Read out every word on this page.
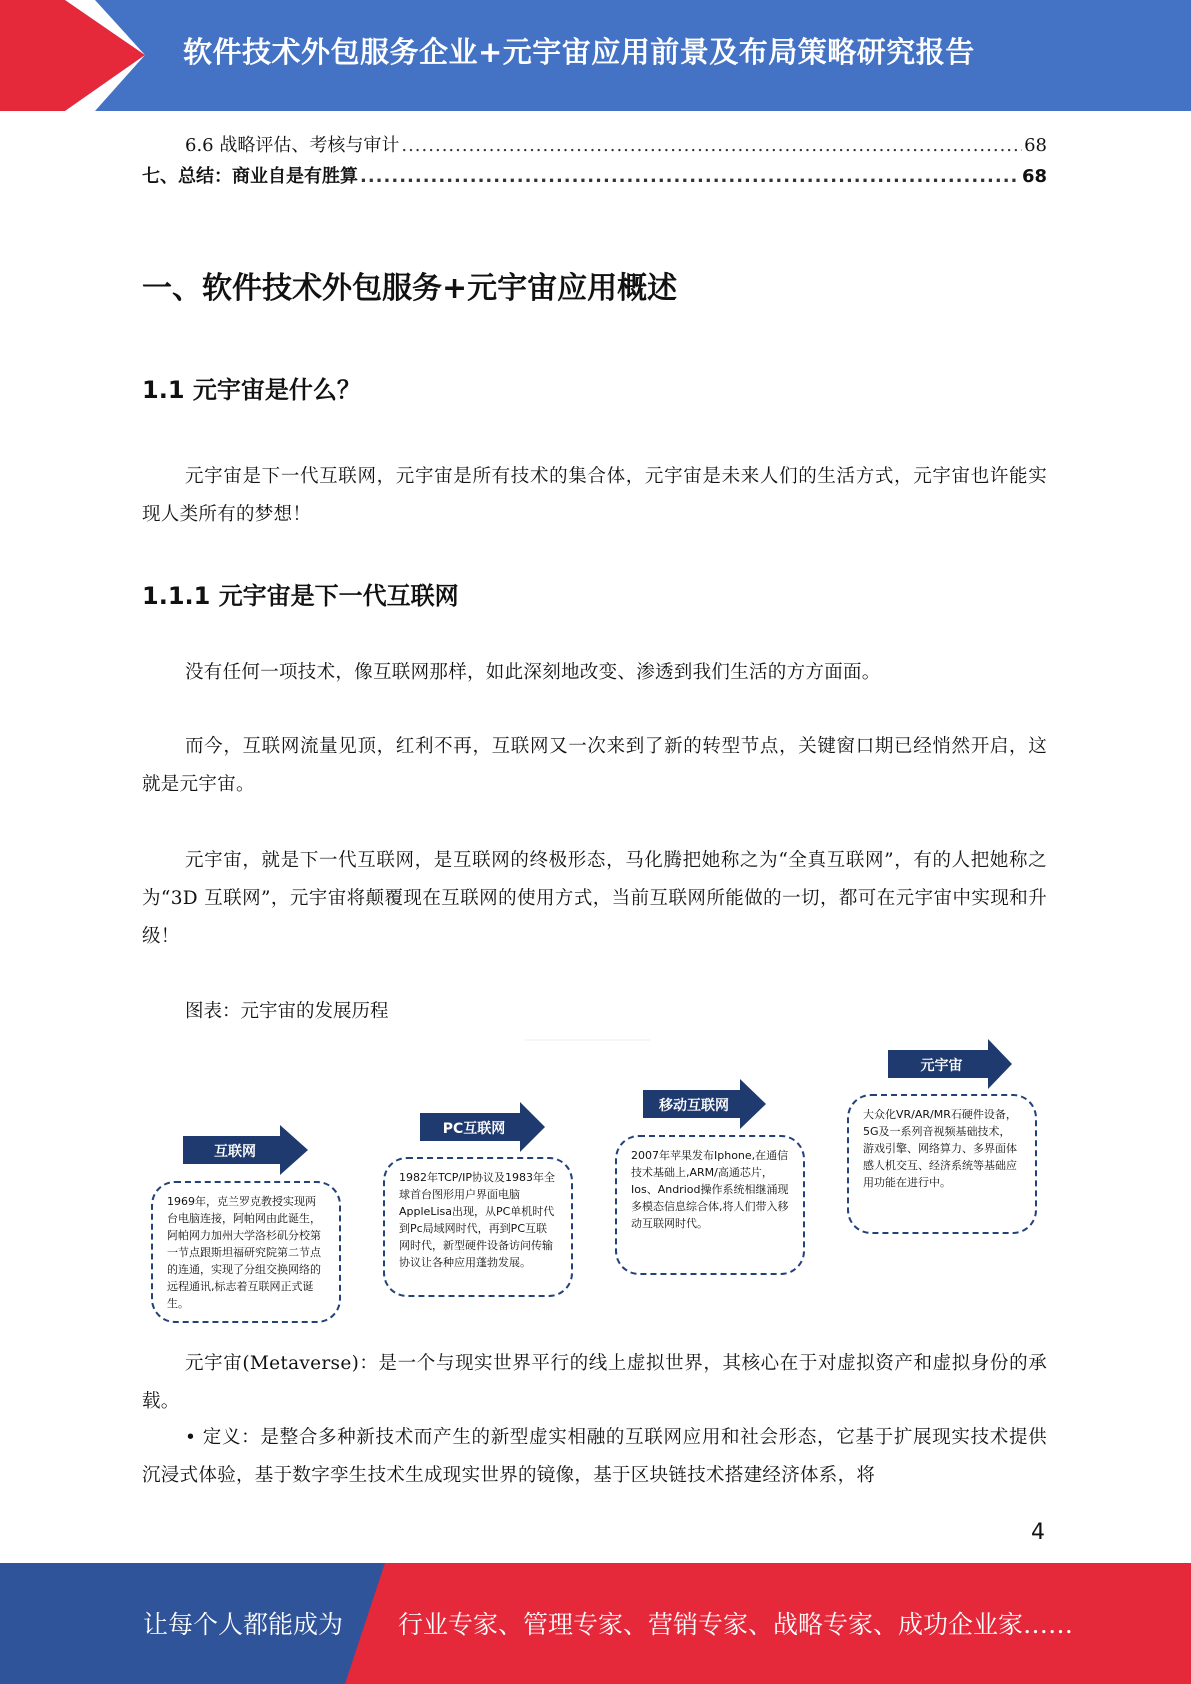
软件技术外包服务企业+元宇宙应用前景及布局策略研究报告
6.6 战略评估、考核与审计 .....	68
七、总结：商业自是有胜算 .....	68
一、软件技术外包服务+元宇宙应用概述
1.1 元宇宙是什么？
元宇宙是下一代互联网，元宇宙是所有技术的集合体，元宇宙是未来人们的生活方式，元宇宙也许能实现人类所有的梦想！
1.1.1 元宇宙是下一代互联网
没有任何一项技术，像互联网那样，如此深刻地改变、渗透到我们生活的方方面面。
而今，互联网流量见顶，红利不再，互联网又一次来到了新的转型节点，关键窗口期已经悄然开启，这就是元宇宙。
元宇宙，就是下一代互联网，是互联网的终极形态，马化腾把她称之为“全真互联网”，有的人把她称之为“3D 互联网”，元宇宙将颠覆现在互联网的使用方式，当前互联网所能做的一切，都可在元宇宙中实现和升级！
图表：元宇宙的发展历程
互联网
PC互联网
移动互联网
元宇宙
1969年，克兰罗克教授实现两台电脑连接，阿帕网由此诞生，阿帕网力加州大学洛杉矶分校第一节点跟斯坦福研究院第二节点的连通，实现了分组交换网络的远程通讯,标志着互联网正式诞生。
1982年TCP/IP协议及1983年全球首台图形用户界面电脑AppleLisa出现，从PC单机时代到Pc局域网时代，再到PC互联网时代，新型硬件设备访问传输协议让各种应用蓬勃发展。
2007年苹果发布Iphone,在通信技术基础上,ARM/高通芯片，Ios、Andriod操作系统相继涌现多模态信息综合体,将人们带入移动互联网时代。
大众化VR/AR/MR石硬件设备，5G及一系列音视频基础技术，游戏引擎、网络算力、多界面体感人机交互、经济系统等基础应用功能在进行中。
元宇宙(Metaverse)：是一个与现实世界平行的线上虚拟世界，其核心在于对虚拟资产和虚拟身份的承载。
• 定义：是整合多种新技术而产生的新型虚实相融的互联网应用和社会形态，它基于扩展现实技术提供沉浸式体验，基于数字孪生技术生成现实世界的镜像，基于区块链技术搭建经济体系，将
4
让每个人都能成为 行业专家、管理专家、营销专家、战略专家、成功企业家……
